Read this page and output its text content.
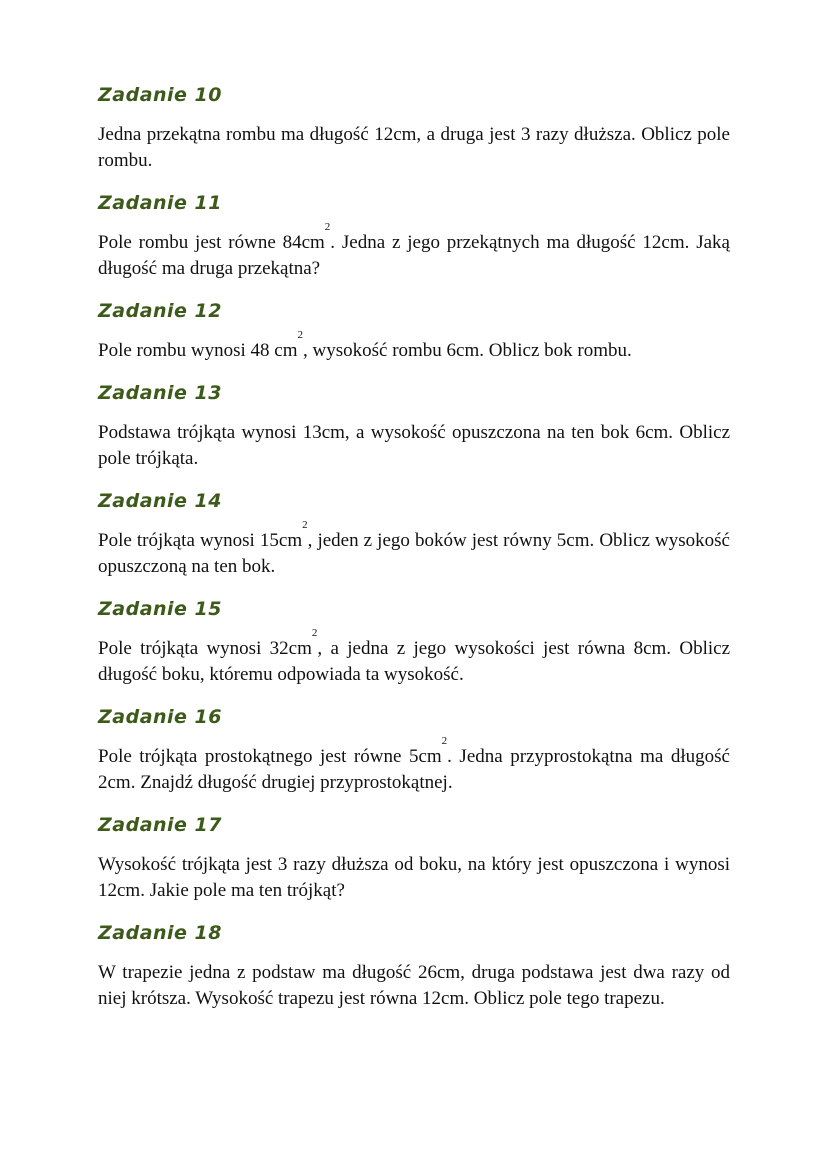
Zadanie 10

Jedna przekątna rombu ma długość 12cm, a druga jest 3 razy dłuższa. Oblicz pole rombu.

Zadanie 11

Pole rombu jest równe $84cm^2$. Jedna z jego przekątnych ma długość 12cm. Jaką długość ma druga przekątna?

Zadanie 12

Pole rombu wynosi 48 $cm^2$, wysokość rombu 6cm. Oblicz bok rombu.

Zadanie 13

Podstawa trójkąta wynosi 13cm, a wysokość opuszczona na ten bok 6cm. Oblicz pole trójkąta.

Zadanie 14

Pole trójkąta wynosi $15cm^2$, jeden z jego boków jest równy 5cm. Oblicz wysokość opuszczoną na ten bok.

Zadanie 15

Pole trójkąta wynosi $32cm^2$, a jedna z jego wysokości jest równa 8cm. Oblicz długość boku, któremu odpowiada ta wysokość.

Zadanie 16

Pole trójkąta prostokątnego jest równe $5cm^2$. Jedna przyprostokątna ma długość 2cm. Znajdź długość drugiej przyprostokątnej.

Zadanie 17

Wysokość trójkąta jest 3 razy dłuższa od boku, na który jest opuszczona i wynosi 12cm. Jakie pole ma ten trójkąt?

Zadanie 18

W trapezie jedna z podstaw ma długość 26cm, druga podstawa jest dwa razy od niej krótsza. Wysokość trapezu jest równa 12cm. Oblicz pole tego trapezu.
